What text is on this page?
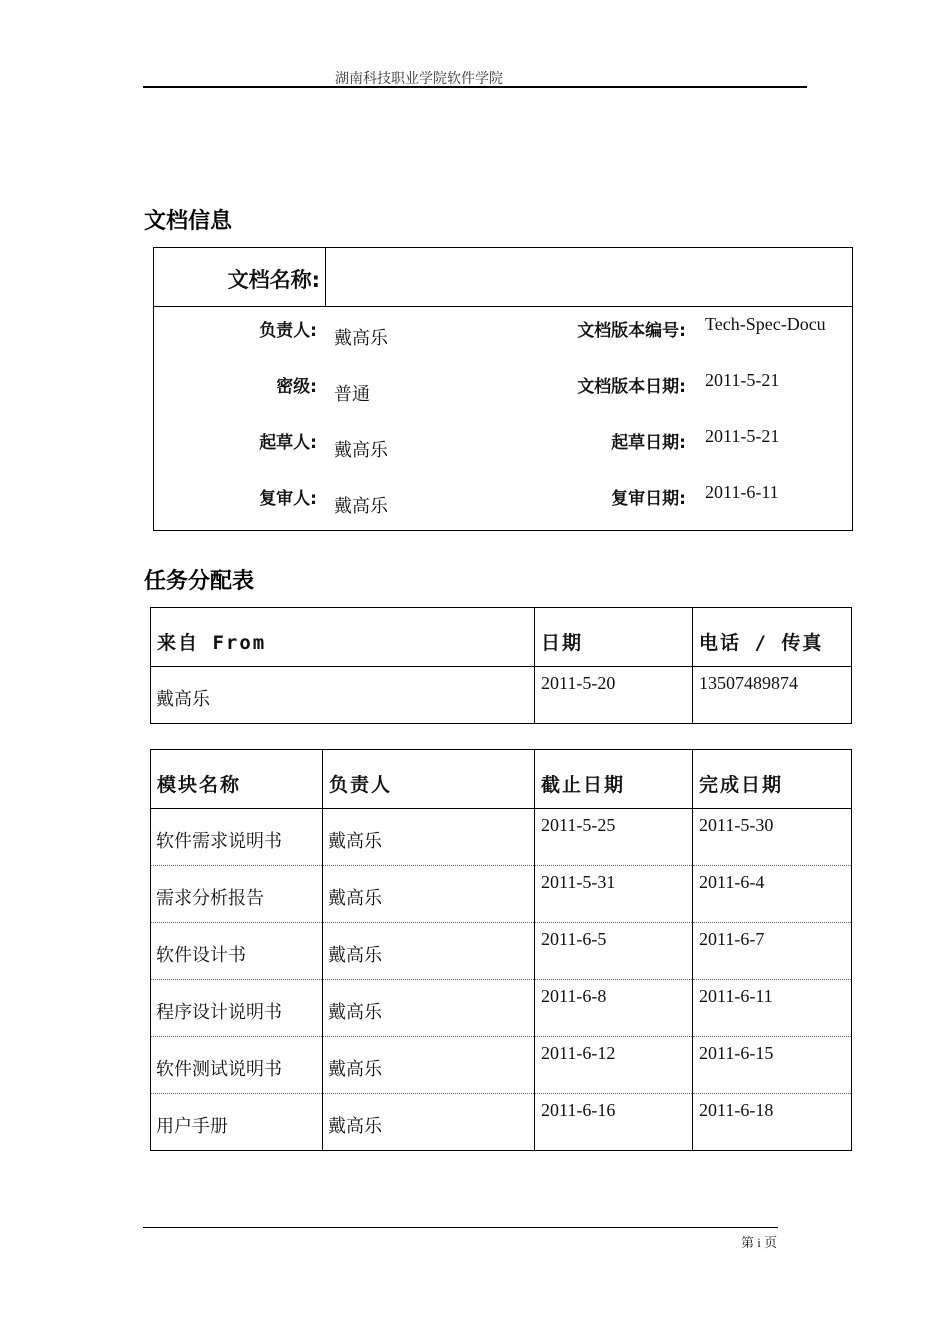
湖南科技职业学院软件学院
文档信息
文档名称:
负责人: 戴高乐	文档版本编号: Tech-Spec-Docu
密级: 普通	文档版本日期: 2011-5-21
起草人: 戴高乐	起草日期: 2011-5-21
复审人: 戴高乐	复审日期: 2011-6-11
任务分配表
来自 From	日期	电话 / 传真
戴高乐	2011-5-20	13507489874
模块名称	负责人	截止日期	完成日期
软件需求说明书	戴高乐	2011-5-25	2011-5-30
需求分析报告	戴高乐	2011-5-31	2011-6-4
软件设计书	戴高乐	2011-6-5	2011-6-7
程序设计说明书	戴高乐	2011-6-8	2011-6-11
软件测试说明书	戴高乐	2011-6-12	2011-6-15
用户手册	戴高乐	2011-6-16	2011-6-18
第 i 页
